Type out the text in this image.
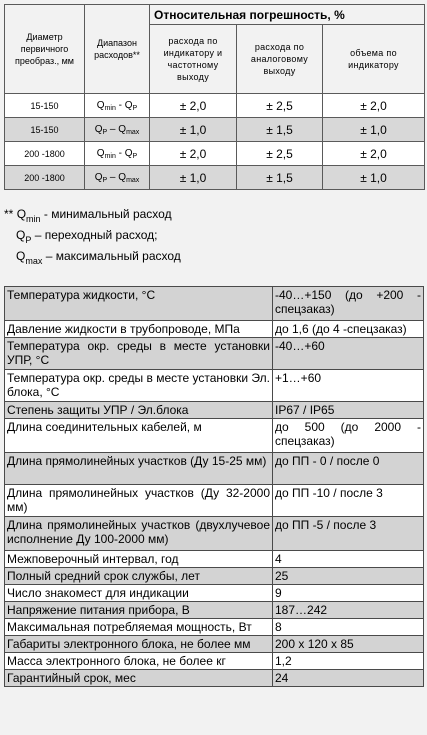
Диаметр первичного преобраз., мм	Диапазон расходов**	Относительная погрешность, %		
		расхода по индикатору и частотному выходу	расхода по аналоговому выходу	объема по индикатору
15-150	$Q_{min} - Q_P$	± 2,0	± 2,5	± 2,0
15-150	$Q_P - Q_{max}$	± 1,0	± 1,5	± 1,0
200 -1800	$Q_{min} - Q_P$	± 2,0	± 2,5	± 2,0
200 -1800	$Q_P - Q_{max}$	± 1,0	± 1,5	± 1,0
** $Q_{min}$ - минимальный расход
$Q_P$ – переходный расход;
$Q_{max}$ – максимальный расход
Температура жидкости, °С	-40…+150 (до +200 - спецзаказ)
Давление жидкости в трубопроводе, МПа	до 1,6 (до 4 -спецзаказ)
Температура окр. среды в месте установки УПР, °С	-40…+60
Температура окр. среды в месте установки Эл. блока, °С	+1…+60
Степень защиты УПР / Эл.блока	IP67 / IP65
Длина соединительных кабелей, м	до 500 (до 2000 - спецзаказ)
Длина прямолинейных участков (Ду 15-25 мм)	до ПП - 0 / после 0
Длина прямолинейных участков (Ду 32-2000 мм)	до ПП -10 / после 3
Длина прямолинейных участков (двухлучевое исполнение Ду 100-2000 мм)	до ПП -5 / после 3
Межповерочный интервал, год	4
Полный средний срок службы, лет	25
Число знакомест для индикации	9
Напряжение питания прибора, В	187…242
Максимальная потребляемая мощность, Вт	8
Габариты электронного блока, не более мм	200 х 120 х 85
Масса электронного блока, не более кг	1,2
Гарантийный срок, мес	24
